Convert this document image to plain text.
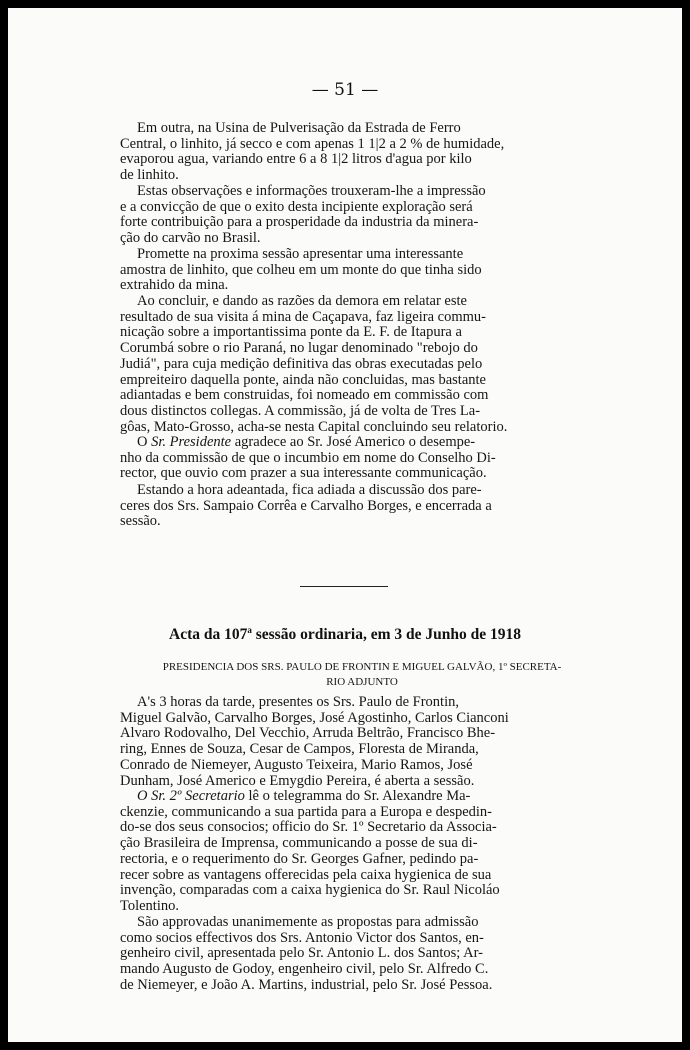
— 51 —

Em outra, na Usina de Pulverisação da Estrada de Ferro
Central, o linhito, já secco e com apenas 1 1|2 a 2 % de humidade,
evaporou agua, variando entre 6 a 8 1|2 litros d'agua por kilo
de linhito.

Estas observações e informações trouxeram-lhe a impressão
e a convicção de que o exito desta incipiente exploração será
forte contribuição para a prosperidade da industria da minera-
ção do carvão no Brasil.

Promette na proxima sessão apresentar uma interessante
amostra de linhito, que colheu em um monte do que tinha sido
extrahido da mina.

Ao concluir, e dando as razões da demora em relatar este
resultado de sua visita á mina de Caçapava, faz ligeira commu-
nicação sobre a importantissima ponte da E. F. de Itapura a
Corumbá sobre o rio Paraná, no lugar denominado "rebojo do
Judiá", para cuja medição definitiva das obras executadas pelo
empreiteiro daquella ponte, ainda não concluidas, mas bastante
adiantadas e bem construidas, foi nomeado em commissão com
dous distinctos collegas. A commissão, já de volta de Tres La-
gôas, Mato-Grosso, acha-se nesta Capital concluindo seu relatorio.

O Sr. Presidente agradece ao Sr. José Americo o desempe-
nho da commissão de que o incumbio em nome do Conselho Di-
rector, que ouvio com prazer a sua interessante communicação.

Estando a hora adeantada, fica adiada a discussão dos pare-
ceres dos Srs. Sampaio Corrêa e Carvalho Borges, e encerrada a
sessão.

Acta da 107$^a$ sessão ordinaria, em 3 de Junho de 1918
PRESIDENCIA DOS SRS. PAULO DE FRONTIN E MIGUEL GALVÃO, 1º SECRETA-
RIO ADJUNTO

A's 3 horas da tarde, presentes os Srs. Paulo de Frontin,
Miguel Galvão, Carvalho Borges, José Agostinho, Carlos Cianconi
Alvaro Rodovalho, Del Vecchio, Arruda Beltrão, Francisco Bhe-
ring, Ennes de Souza, Cesar de Campos, Floresta de Miranda,
Conrado de Niemeyer, Augusto Teixeira, Mario Ramos, José
Dunham, José Americo e Emygdio Pereira, é aberta a sessão.

O Sr. 2º Secretario lê o telegramma do Sr. Alexandre Ma-
ckenzie, communicando a sua partida para a Europa e despedin-
do-se dos seus consocios; officio do Sr. 1º Secretario da Associa-
ção Brasileira de Imprensa, communicando a posse de sua di-
rectoria, e o requerimento do Sr. Georges Gafner, pedindo pa-
recer sobre as vantagens offerecidas pela caixa hygienica de sua
invenção, comparadas com a caixa hygienica do Sr. Raul Nicoláo
Tolentino.

São approvadas unanimemente as propostas para admissão
como socios effectivos dos Srs. Antonio Victor dos Santos, en-
genheiro civil, apresentada pelo Sr. Antonio L. dos Santos; Ar-
mando Augusto de Godoy, engenheiro civil, pelo Sr. Alfredo C.
de Niemeyer, e João A. Martins, industrial, pelo Sr. José Pessoa.
